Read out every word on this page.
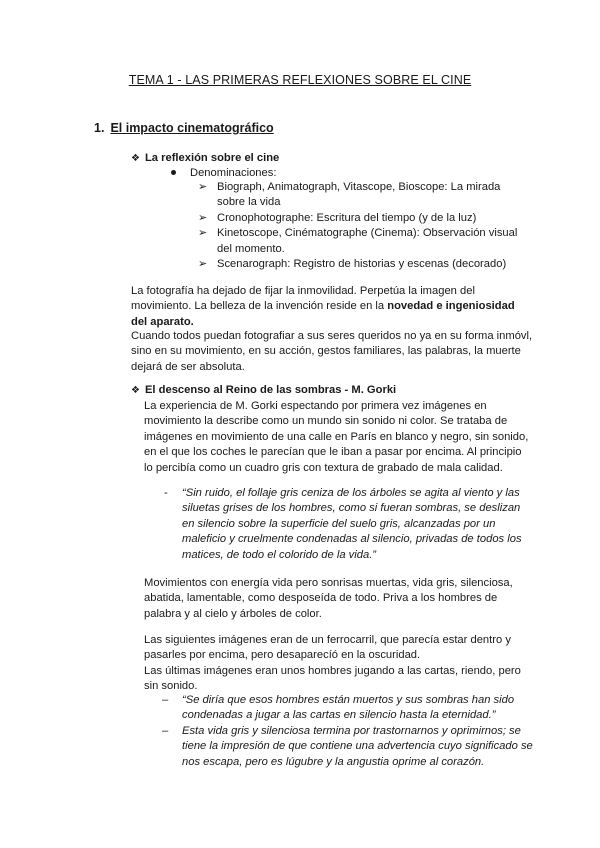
TEMA 1 - LAS PRIMERAS REFLEXIONES SOBRE EL CINE
1. El impacto cinematográfico
❖ La reflexión sobre el cine
Denominaciones:
➢ Biograph, Animatograph, Vitascope, Bioscope: La mirada
sobre la vida
➢ Cronophotographe: Escritura del tiempo (y de la luz)
➢ Kinetoscope, Cinématographe (Cinema): Observación visual
del momento.
➢ Scenarograph: Registro de historias y escenas (decorado)
La fotografía ha dejado de fijar la inmovilidad. Perpetúa la imagen del
movimiento. La belleza de la invención reside en la novedad e ingeniosidad
del aparato.
Cuando todos puedan fotografiar a sus seres queridos no ya en su forma inmóvl,
sino en su movimiento, en su acción, gestos familiares, las palabras, la muerte
dejará de ser absoluta.
❖ El descenso al Reino de las sombras - M. Gorki
La experiencia de M. Gorki espectando por primera vez imágenes en
movimiento la describe como un mundo sin sonido ni color. Se trataba de
imágenes en movimiento de una calle en París en blanco y negro, sin sonido,
en el que los coches le parecían que le iban a pasar por encima. Al principio
lo percibía como un cuadro gris con textura de grabado de mala calidad.
- “Sin ruido, el follaje gris ceniza de los árboles se agita al viento y las
siluetas grises de los hombres, como si fueran sombras, se deslizan
en silencio sobre la superficie del suelo gris, alcanzadas por un
maleficio y cruelmente condenadas al silencio, privadas de todos los
matices, de todo el colorido de la vida.”
Movimientos con energía vida pero sonrisas muertas, vida gris, silenciosa,
abatida, lamentable, como desposeída de todo. Priva a los hombres de
palabra y al cielo y árboles de color.
Las siguientes imágenes eran de un ferrocarril, que parecía estar dentro y
pasarles por encima, pero desaparecíó en la oscuridad.
Las últimas imágenes eran unos hombres jugando a las cartas, riendo, pero
sin sonido.
– “Se diría que esos hombres están muertos y sus sombras han sido
condenadas a jugar a las cartas en silencio hasta la eternidad.”
– Esta vida gris y silenciosa termina por trastornarnos y oprimirnos; se
tiene la impresión de que contiene una advertencia cuyo significado se
nos escapa, pero es lúgubre y la angustia oprime al corazón.
